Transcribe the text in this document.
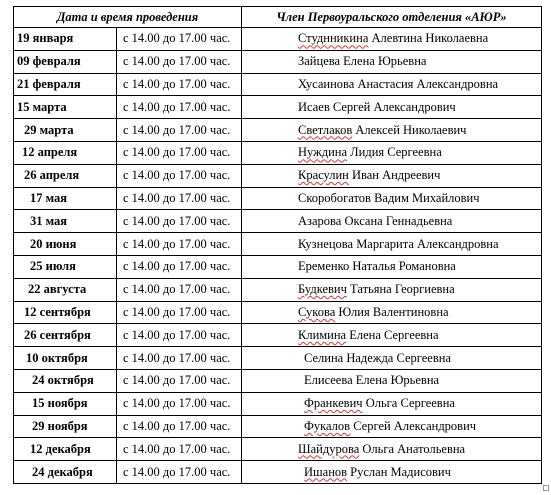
Дата и время проведения		Член Первоуральского отделения «АЮР»
19 января	с 14.00 до 17.00 час.	Студнникина Алевтина Николаевна
09 февраля	с 14.00 до 17.00 час.	Зайцева Елена Юрьевна
21 февраля	с 14.00 до 17.00 час.	Хусаинова Анастасия Александровна
15 марта	с 14.00 до 17.00 час.	Исаев Сергей Александрович
29 марта	с 14.00 до 17.00 час.	Светлаков Алексей Николаевич
12 апреля	с 14.00 до 17.00 час.	Нуждина Лидия Сергеевна
26 апреля	с 14.00 до 17.00 час.	Красулин Иван Андреевич
17 мая	с 14.00 до 17.00 час.	Скоробогатов Вадим Михайлович
31 мая	с 14.00 до 17.00 час.	Азарова Оксана Геннадьевна
20 июня	с 14.00 до 17.00 час.	Кузнецова Маргарита Александровна
25 июля	с 14.00 до 17.00 час.	Еременко Наталья Романовна
22 августа	с 14.00 до 17.00 час.	Будкевич Татьяна Георгиевна
12 сентября	с 14.00 до 17.00 час.	Сукова Юлия Валентиновна
26 сентября	с 14.00 до 17.00 час.	Климина Елена Сергеевна
10 октября	с 14.00 до 17.00 час.	Селина Надежда Сергеевна
24 октября	с 14.00 до 17.00 час.	Елисеева Елена Юрьевна
15 ноября	с 14.00 до 17.00 час.	Франкевич Ольга Сергеевна
29 ноября	с 14.00 до 17.00 час.	Фукалов Сергей Александрович
12 декабря	с 14.00 до 17.00 час.	Шайдурова Ольга Анатольевна
24 декабря	с 14.00 до 17.00 час.	Ишанов Руслан Мадисович
